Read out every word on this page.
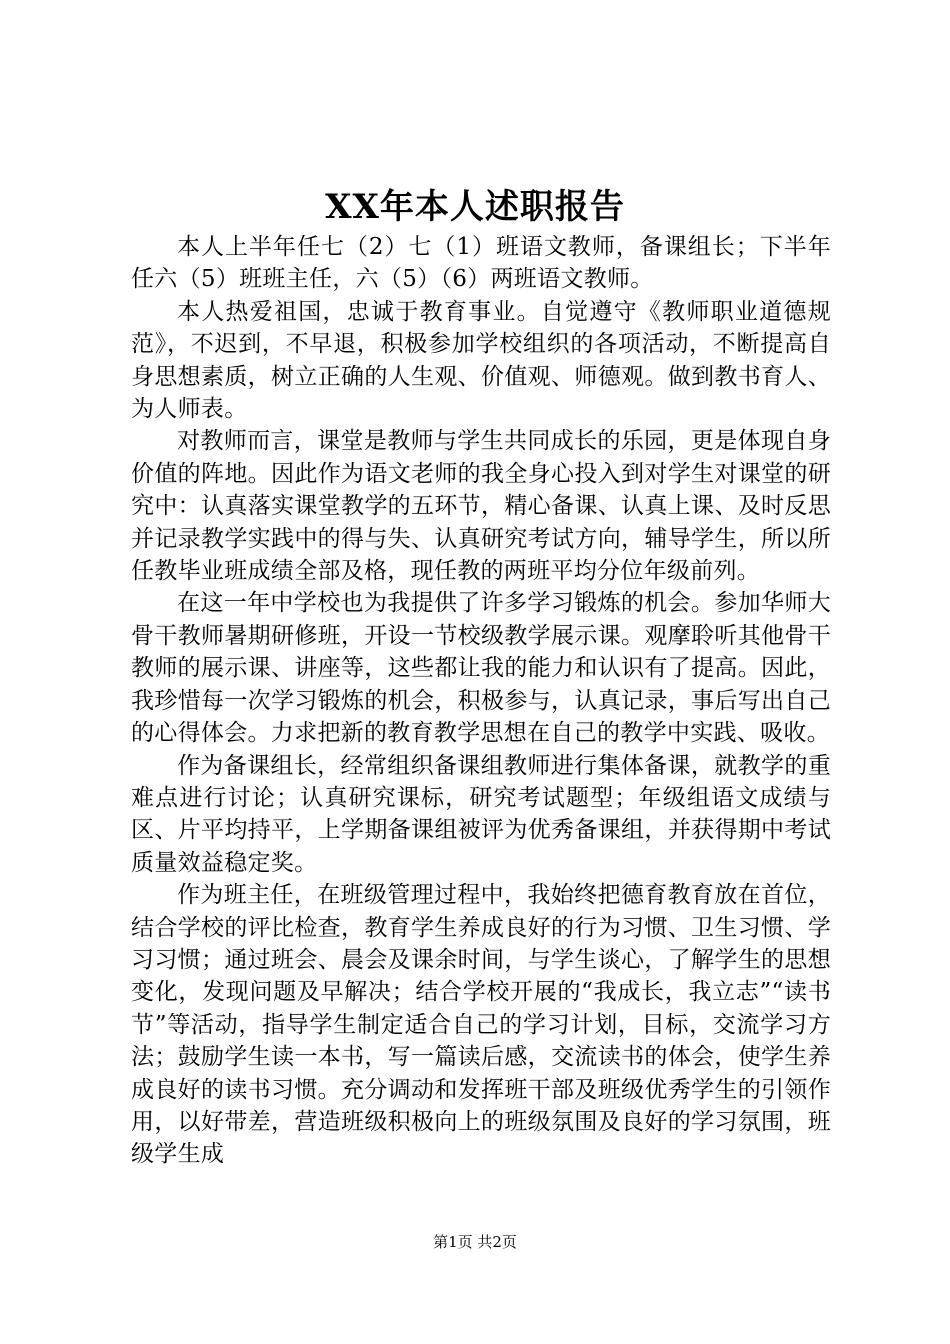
XX年本人述职报告

本人上半年任七（2）七（1）班语文教师，备课组长；下半年任六（5）班班主任，六（5）（6）两班语文教师。

本人热爱祖国，忠诚于教育事业。自觉遵守《教师职业道德规范》，不迟到，不早退，积极参加学校组织的各项活动，不断提高自身思想素质，树立正确的人生观、价值观、师德观。做到教书育人、为人师表。

对教师而言，课堂是教师与学生共同成长的乐园，更是体现自身价值的阵地。因此作为语文老师的我全身心投入到对学生对课堂的研究中：认真落实课堂教学的五环节，精心备课、认真上课、及时反思并记录教学实践中的得与失、认真研究考试方向，辅导学生，所以所任教毕业班成绩全部及格，现任教的两班平均分位年级前列。

在这一年中学校也为我提供了许多学习锻炼的机会。参加华师大骨干教师暑期研修班，开设一节校级教学展示课。观摩聆听其他骨干教师的展示课、讲座等，这些都让我的能力和认识有了提高。因此，我珍惜每一次学习锻炼的机会，积极参与，认真记录，事后写出自己的心得体会。力求把新的教育教学思想在自己的教学中实践、吸收。

作为备课组长，经常组织备课组教师进行集体备课，就教学的重难点进行讨论；认真研究课标，研究考试题型；年级组语文成绩与区、片平均持平，上学期备课组被评为优秀备课组，并获得期中考试质量效益稳定奖。

作为班主任，在班级管理过程中，我始终把德育教育放在首位，结合学校的评比检查，教育学生养成良好的行为习惯、卫生习惯、学习习惯；通过班会、晨会及课余时间，与学生谈心，了解学生的思想变化，发现问题及早解决；结合学校开展的“我成长，我立志”“读书节”等活动，指导学生制定适合自己的学习计划，目标，交流学习方法；鼓励学生读一本书，写一篇读后感，交流读书的体会，使学生养成良好的读书习惯。充分调动和发挥班干部及班级优秀学生的引领作用，以好带差，营造班级积极向上的班级氛围及良好的学习氛围，班级学生成

第1页 共2页
